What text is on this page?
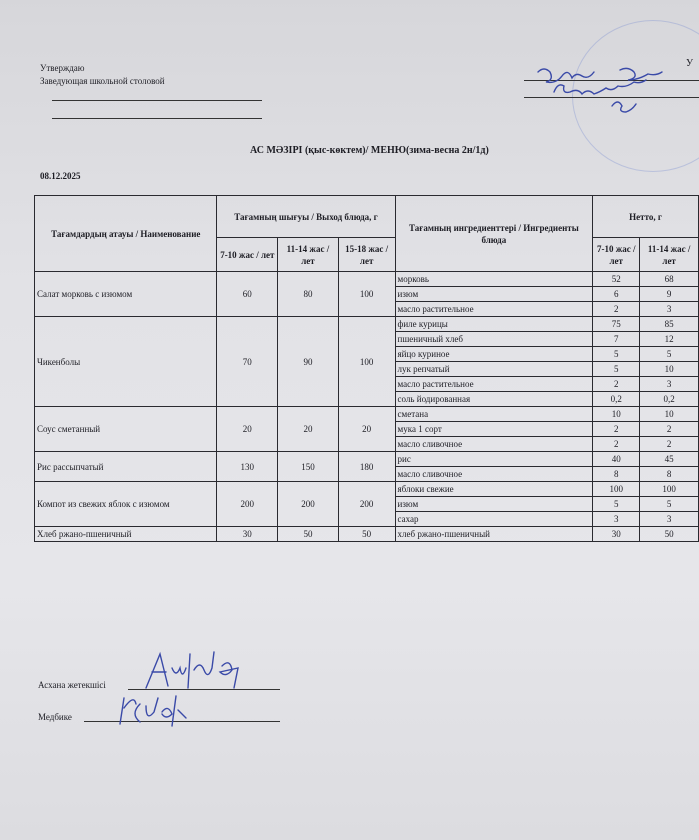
Утверждаю
Заведующая школьной столовой
У
АС МӘЗІРІ (қыс-көктем)/ МЕНЮ(зима-весна 2н/1д)
08.12.2025
Тағамдардың атауы / Наименование	Тағамның шығуы / Выход блюда, г			Тағамның ингредиенттері / Ингредиенты блюда	Нетто, г	
	7-10 жас / лет	11-14 жас / лет	15-18 жас / лет		7-10 жас / лет	11-14 жас / лет
Салат морковь с изюмом	60	80	100	морковь	52	68
				изюм	6	9
				масло растительное	2	3
Чикенболы	70	90	100	филе курицы	75	85
				пшеничный хлеб	7	12
				яйцо куриное	5	5
				лук репчатый	5	10
				масло растительное	2	3
				соль йодированная	0,2	0,2
Соус сметанный	20	20	20	сметана	10	10
				мука 1 сорт	2	2
				масло сливочное	2	2
Рис рассыпчатый	130	150	180	рис	40	45
				масло сливочное	8	8
Компот из свежих яблок с изюмом	200	200	200	яблоки свежие	100	100
				изюм	5	5
				сахар	3	3
Хлеб ржано-пшеничный	30	50	50	хлеб ржано-пшеничный	30	50
Асхана жетекшісі
Медбике
